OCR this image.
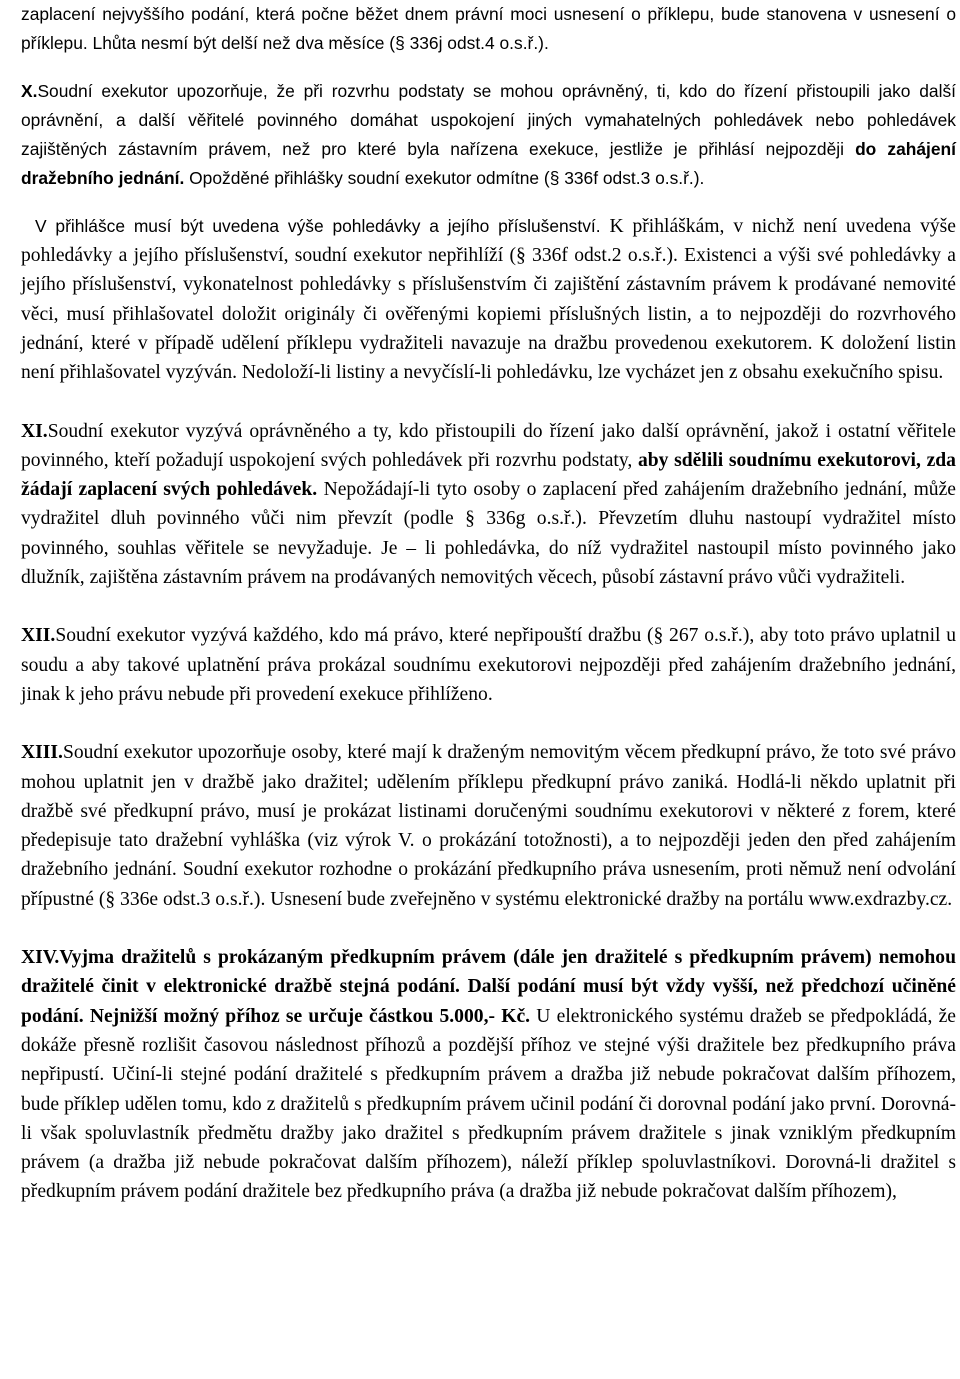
zaplacení nejvyššího podání, která počne běžet dnem právní moci usnesení o příklepu, bude stanovena v usnesení o příklepu. Lhůta nesmí být delší než dva měsíce (§ 336j odst.4 o.s.ř.).

X.Soudní exekutor upozorňuje, že při rozvrhu podstaty se mohou oprávněný, ti, kdo do řízení přistoupili jako další oprávnění, a další věřitelé povinného domáhat uspokojení jiných vymahatelných pohledávek nebo pohledávek zajištěných zástavním právem, než pro které byla nařízena exekuce, jestliže je přihlásí nejpozději do zahájení dražebního jednání. Opožděné přihlášky soudní exekutor odmítne (§ 336f odst.3 o.s.ř.).

V přihlášce musí být uvedena výše pohledávky a jejího příslušenství. K přihláškám, v nichž není uvedena výše pohledávky a jejího příslušenství, soudní exekutor nepřihlíží (§ 336f odst.2 o.s.ř.). Existenci a výši své pohledávky a jejího příslušenství, vykonatelnost pohledávky s příslušenstvím či zajištění zástavním právem k prodávané nemovité věci, musí přihlašovatel doložit originály či ověřenými kopiemi příslušných listin, a to nejpozději do rozvrhového jednání, které v případě udělení příklepu vydražiteli navazuje na dražbu provedenou exekutorem. K doložení listin není přihlašovatel vyzýván. Nedoloží-li listiny a nevyčíslí-li pohledávku, lze vycházet jen z obsahu exekučního spisu.

XI.Soudní exekutor vyzývá oprávněného a ty, kdo přistoupili do řízení jako další oprávnění, jakož i ostatní věřitele povinného, kteří požadují uspokojení svých pohledávek při rozvrhu podstaty, aby sdělili soudnímu exekutorovi, zda žádají zaplacení svých pohledávek. Nepožádají-li tyto osoby o zaplacení před zahájením dražebního jednání, může vydražitel dluh povinného vůči nim převzít (podle § 336g o.s.ř.). Převzetím dluhu nastoupí vydražitel místo povinného, souhlas věřitele se nevyžaduje. Je – li pohledávka, do níž vydražitel nastoupil místo povinného jako dlužník, zajištěna zástavním právem na prodávaných nemovitých věcech, působí zástavní právo vůči vydražiteli.

XII.Soudní exekutor vyzývá každého, kdo má právo, které nepřipouští dražbu (§ 267 o.s.ř.), aby toto právo uplatnil u soudu a aby takové uplatnění práva prokázal soudnímu exekutorovi nejpozději před zahájením dražebního jednání, jinak k jeho právu nebude při provedení exekuce přihlíženo.

XIII.Soudní exekutor upozorňuje osoby, které mají k draženým nemovitým věcem předkupní právo, že toto své právo mohou uplatnit jen v dražbě jako dražitel; udělením příklepu předkupní právo zaniká. Hodlá-li někdo uplatnit při dražbě své předkupní právo, musí je prokázat listinami doručenými soudnímu exekutorovi v některé z forem, které předepisuje tato dražební vyhláška (viz výrok V. o prokázání totožnosti), a to nejpozději jeden den před zahájením dražebního jednání. Soudní exekutor rozhodne o prokázání předkupního práva usnesením, proti němuž není odvolání přípustné (§ 336e odst.3 o.s.ř.). Usnesení bude zveřejněno v systému elektronické dražby na portálu www.exdrazby.cz.

XIV.Vyjma dražitelů s prokázaným předkupním právem (dále jen dražitelé s předkupním právem) nemohou dražitelé činit v elektronické dražbě stejná podání. Další podání musí být vždy vyšší, než předchozí učiněné podání. Nejnižší možný příhoz se určuje částkou 5.000,- Kč. U elektronického systému dražeb se předpokládá, že dokáže přesně rozlišit časovou následnost příhozů a pozdější příhoz ve stejné výši dražitele bez předkupního práva nepřipustí. Učiní-li stejné podání dražitelé s předkupním právem a dražba již nebude pokračovat dalším příhozem, bude příklep udělen tomu, kdo z dražitelů s předkupním právem učinil podání či dorovnal podání jako první. Dorovná-li však spoluvlastník předmětu dražby jako dražitel s předkupním právem dražitele s jinak vzniklým předkupním právem (a dražba již nebude pokračovat dalším příhozem), náleží příklep spoluvlastníkovi. Dorovná-li dražitel s předkupním právem podání dražitele bez předkupního práva (a dražba již nebude pokračovat dalším příhozem),
